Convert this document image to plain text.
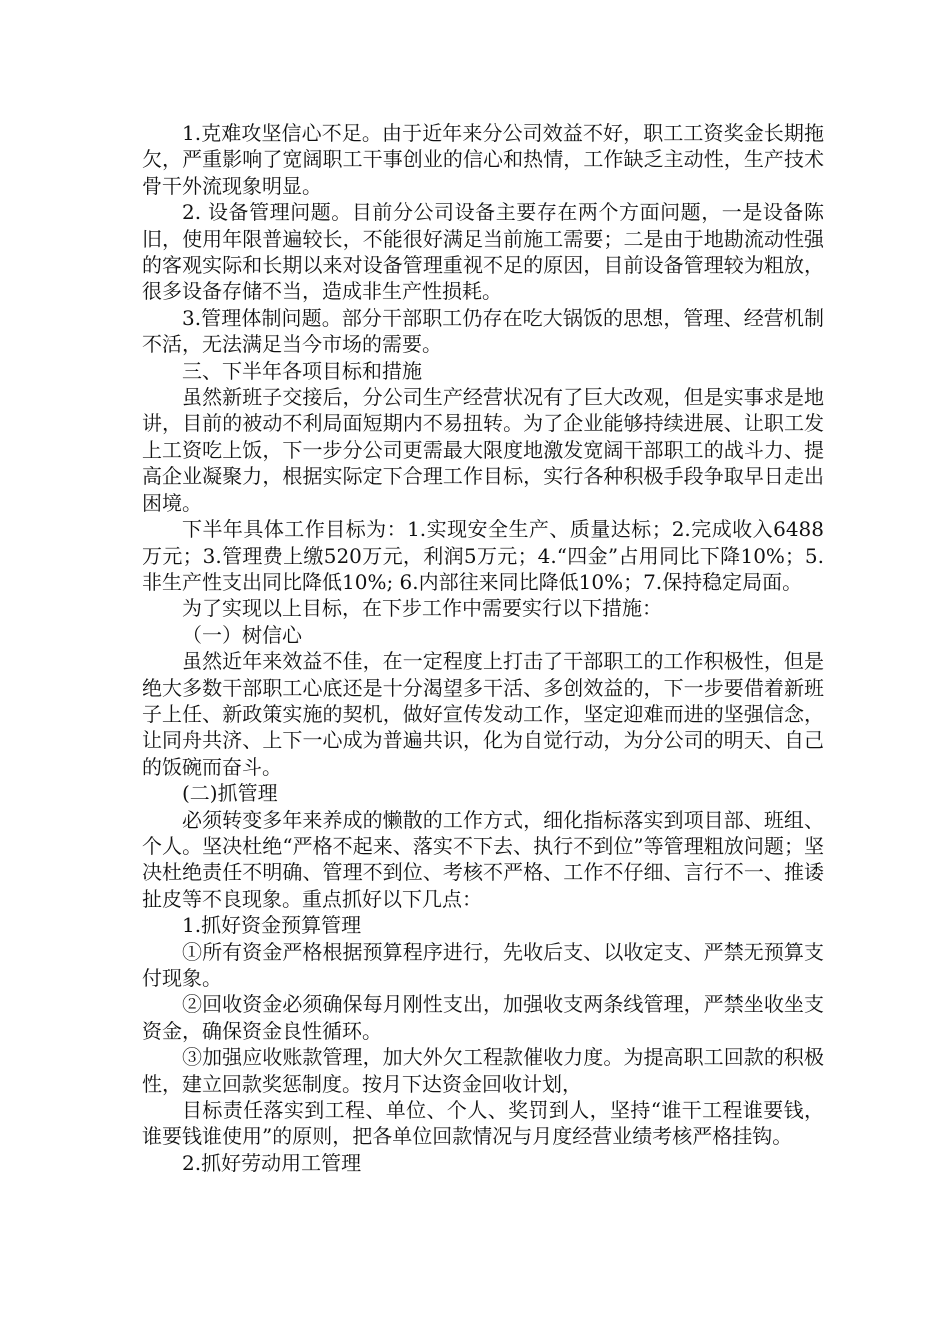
1.克难攻坚信心不足。由于近年来分公司效益不好，职工工资奖金长期拖欠，严重影响了宽阔职工干事创业的信心和热情，工作缺乏主动性，生产技术骨干外流现象明显。

2. 设备管理问题。目前分公司设备主要存在两个方面问题，一是设备陈旧，使用年限普遍较长，不能很好满足当前施工需要；二是由于地勘流动性强的客观实际和长期以来对设备管理重视不足的原因，目前设备管理较为粗放，很多设备存储不当，造成非生产性损耗。

3.管理体制问题。部分干部职工仍存在吃大锅饭的思想，管理、经营机制不活，无法满足当今市场的需要。

三、下半年各项目标和措施

虽然新班子交接后，分公司生产经营状况有了巨大改观，但是实事求是地讲，目前的被动不利局面短期内不易扭转。为了企业能够持续进展、让职工发上工资吃上饭，下一步分公司更需最大限度地激发宽阔干部职工的战斗力、提高企业凝聚力，根据实际定下合理工作目标，实行各种积极手段争取早日走出困境。

下半年具体工作目标为：1.实现安全生产、质量达标；2.完成收入6488万元；3.管理费上缴520万元，利润5万元；4.“四金”占用同比下降10%；5.非生产性支出同比降低10%; 6.内部往来同比降低10%；7.保持稳定局面。

为了实现以上目标，在下步工作中需要实行以下措施：

（一）树信心

虽然近年来效益不佳，在一定程度上打击了干部职工的工作积极性，但是绝大多数干部职工心底还是十分渴望多干活、多创效益的，下一步要借着新班子上任、新政策实施的契机，做好宣传发动工作，坚定迎难而进的坚强信念，让同舟共济、上下一心成为普遍共识，化为自觉行动，为分公司的明天、自己的饭碗而奋斗。

(二)抓管理

必须转变多年来养成的懒散的工作方式，细化指标落实到项目部、班组、个人。坚决杜绝“严格不起来、落实不下去、执行不到位”等管理粗放问题；坚决杜绝责任不明确、管理不到位、考核不严格、工作不仔细、言行不一、推诿扯皮等不良现象。重点抓好以下几点：

1.抓好资金预算管理

①所有资金严格根据预算程序进行，先收后支、以收定支、严禁无预算支付现象。

②回收资金必须确保每月刚性支出，加强收支两条线管理，严禁坐收坐支资金，确保资金良性循环。

③加强应收账款管理，加大外欠工程款催收力度。为提高职工回款的积极性，建立回款奖惩制度。按月下达资金回收计划，

目标责任落实到工程、单位、个人、奖罚到人，坚持“谁干工程谁要钱，谁要钱谁使用”的原则，把各单位回款情况与月度经营业绩考核严格挂钩。

2.抓好劳动用工管理
